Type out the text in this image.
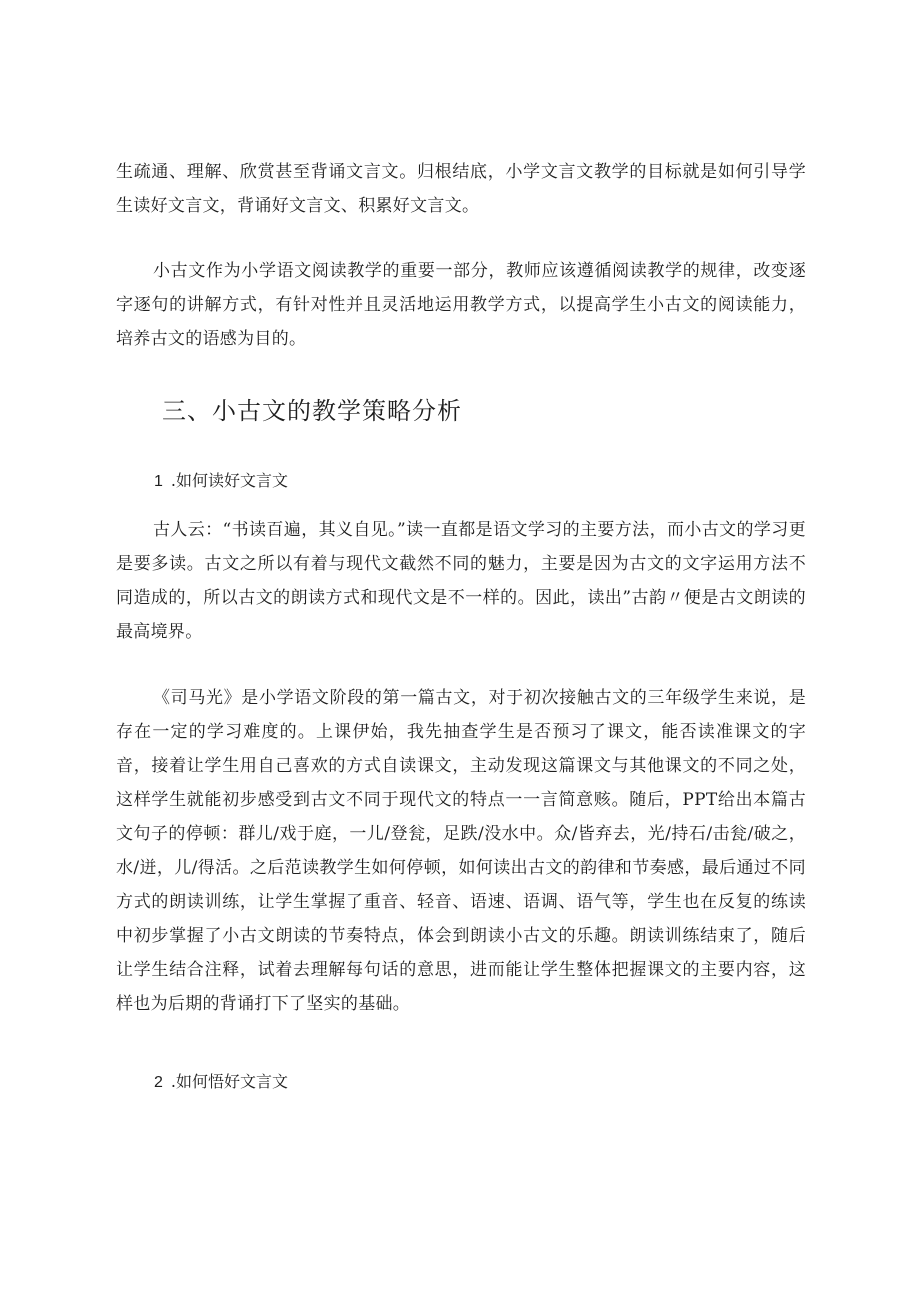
生疏通、理解、欣赏甚至背诵文言文。归根结底，小学文言文教学的目标就是如何引导学生读好文言文，背诵好文言文、积累好文言文。

小古文作为小学语文阅读教学的重要一部分，教师应该遵循阅读教学的规律，改变逐字逐句的讲解方式，有针对性并且灵活地运用教学方式，以提高学生小古文的阅读能力，培养古文的语感为目的。

三、小古文的教学策略分析
1 .如何读好文言文

古人云：“书读百遍，其义自见。”读一直都是语文学习的主要方法，而小古文的学习更是要多读。古文之所以有着与现代文截然不同的魅力，主要是因为古文的文字运用方法不同造成的，所以古文的朗读方式和现代文是不一样的。因此，读出”古韵〃便是古文朗读的最高境界。

《司马光》是小学语文阶段的第一篇古文，对于初次接触古文的三年级学生来说，是存在一定的学习难度的。上课伊始，我先抽查学生是否预习了课文，能否读准课文的字音，接着让学生用自己喜欢的方式自读课文，主动发现这篇课文与其他课文的不同之处，这样学生就能初步感受到古文不同于现代文的特点一一言简意赅。随后，PPT给出本篇古文句子的停顿：群儿/戏于庭，一儿/登瓮，足跌/没水中。众/皆弃去，光/持石/击瓮/破之，水/迸，儿/得活。之后范读教学生如何停顿，如何读出古文的韵律和节奏感，最后通过不同方式的朗读训练，让学生掌握了重音、轻音、语速、语调、语气等，学生也在反复的练读中初步掌握了小古文朗读的节奏特点，体会到朗读小古文的乐趣。朗读训练结束了，随后让学生结合注释，试着去理解每句话的意思，进而能让学生整体把握课文的主要内容，这样也为后期的背诵打下了坚实的基础。

2 .如何悟好文言文
